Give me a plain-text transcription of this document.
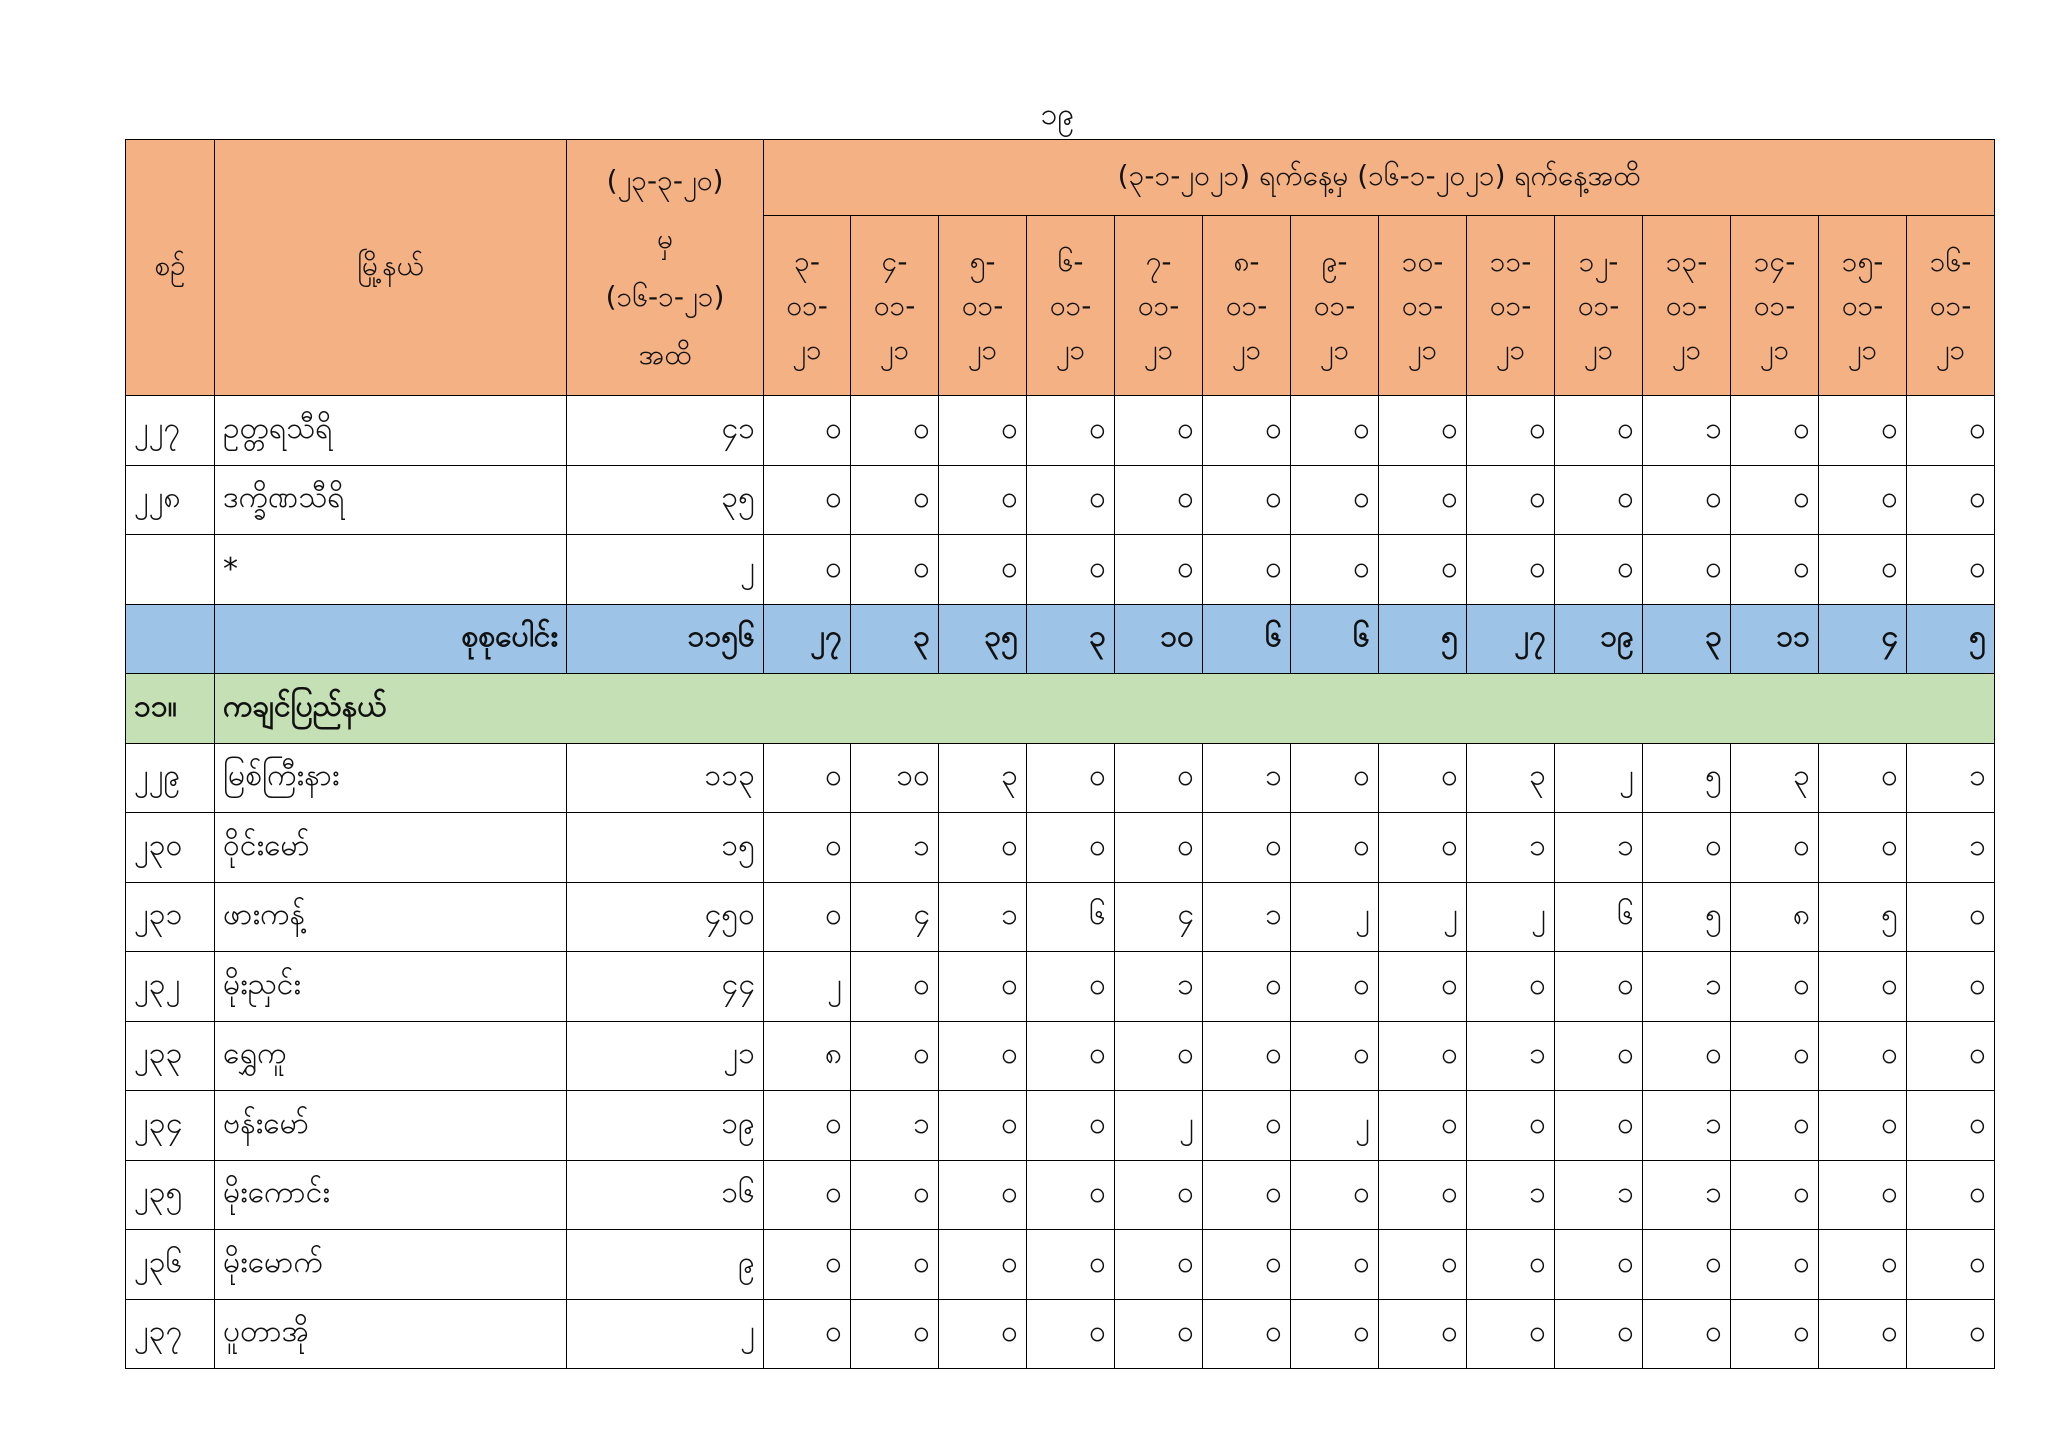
၁၉
စဉ်	မြို့နယ်	(၂၃-၃-၂၀)
မှ
(၁၆-၁-၂၁)
အထိ	(၃-၁-၂၀၂၁) ရက်နေ့မှ (၁၆-၁-၂၀၂၁) ရက်နေ့အထိ													
			၃-
၀၁-
၂၁	၄-
၀၁-
၂၁	၅-
၀၁-
၂၁	၆-
၀၁-
၂၁	၇-
၀၁-
၂၁	၈-
၀၁-
၂၁	၉-
၀၁-
၂၁	၁၀-
၀၁-
၂၁	၁၁-
၀၁-
၂၁	၁၂-
၀၁-
၂၁	၁၃-
၀၁-
၂၁	၁၄-
၀၁-
၂၁	၁၅-
၀၁-
၂၁	၁၆-
၀၁-
၂၁
၂၂၇	ဥတ္တရသီရိ	၄၁	၀	၀	၀	၀	၀	၀	၀	၀	၀	၀	၁	၀	၀	၀
၂၂၈	ဒက္ခိဏသီရိ	၃၅	၀	၀	၀	၀	၀	၀	၀	၀	၀	၀	၀	၀	၀	၀
	*	၂	၀	၀	၀	၀	၀	၀	၀	၀	၀	၀	၀	၀	၀	၀
	စုစုပေါင်း	၁၁၅၆	၂၇	၃	၃၅	၃	၁၀	၆	၆	၅	၂၇	၁၉	၃	၁၁	၄	၅
၁၁။	ကချင်ပြည်နယ်															
၂၂၉	မြစ်ကြီးနား	၁၁၃	၀	၁၀	၃	၀	၀	၁	၀	၀	၃	၂	၅	၃	၀	၁
၂၃၀	ဝိုင်းမော်	၁၅	၀	၁	၀	၀	၀	၀	၀	၀	၁	၁	၀	၀	၀	၁
၂၃၁	ဖားကန့်	၄၅၀	၀	၄	၁	၆	၄	၁	၂	၂	၂	၆	၅	၈	၅	၀
၂၃၂	မိုးညှင်း	၄၄	၂	၀	၀	၀	၁	၀	၀	၀	၀	၀	၁	၀	၀	၀
၂၃၃	ရွှေကူ	၂၁	၈	၀	၀	၀	၀	၀	၀	၀	၁	၀	၀	၀	၀	၀
၂၃၄	ဗန်းမော်	၁၉	၀	၁	၀	၀	၂	၀	၂	၀	၀	၀	၁	၀	၀	၀
၂၃၅	မိုးကောင်း	၁၆	၀	၀	၀	၀	၀	၀	၀	၀	၁	၁	၁	၀	၀	၀
၂၃၆	မိုးမောက်	၉	၀	၀	၀	၀	၀	၀	၀	၀	၀	၀	၀	၀	၀	၀
၂၃၇	ပူတာအို	၂	၀	၀	၀	၀	၀	၀	၀	၀	၀	၀	၀	၀	၀	၀
